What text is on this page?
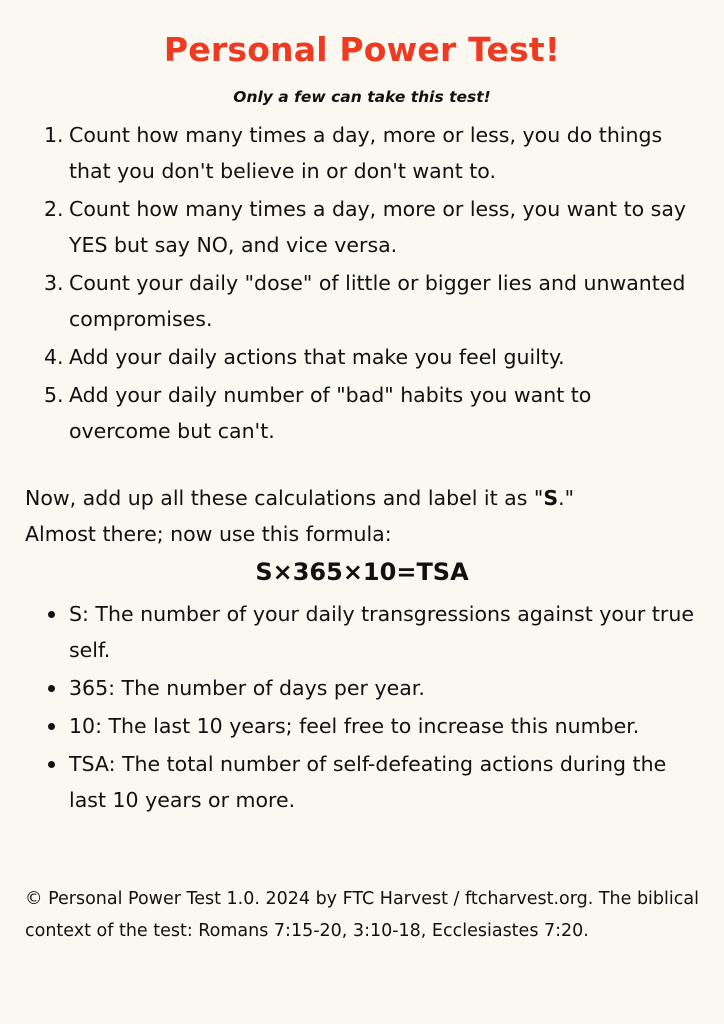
Personal Power Test!
Only a few can take this test!
1. Count how many times a day, more or less, you do things that you don't believe in or don't want to.
2. Count how many times a day, more or less, you want to say YES but say NO, and vice versa.
3. Count your daily "dose" of little or bigger lies and unwanted compromises.
4. Add your daily actions that make you feel guilty.
5. Add your daily number of "bad" habits you want to overcome but can't.
Now, add up all these calculations and label it as "S."
Almost there; now use this formula:
S×365×10=TSA
S: The number of your daily transgressions against your true self.
365: The number of days per year.
10: The last 10 years; feel free to increase this number.
TSA: The total number of self-defeating actions during the last 10 years or more.
© Personal Power Test 1.0. 2024 by FTC Harvest / ftcharvest.org. The biblical context of the test: Romans 7:15-20, 3:10-18, Ecclesiastes 7:20.
